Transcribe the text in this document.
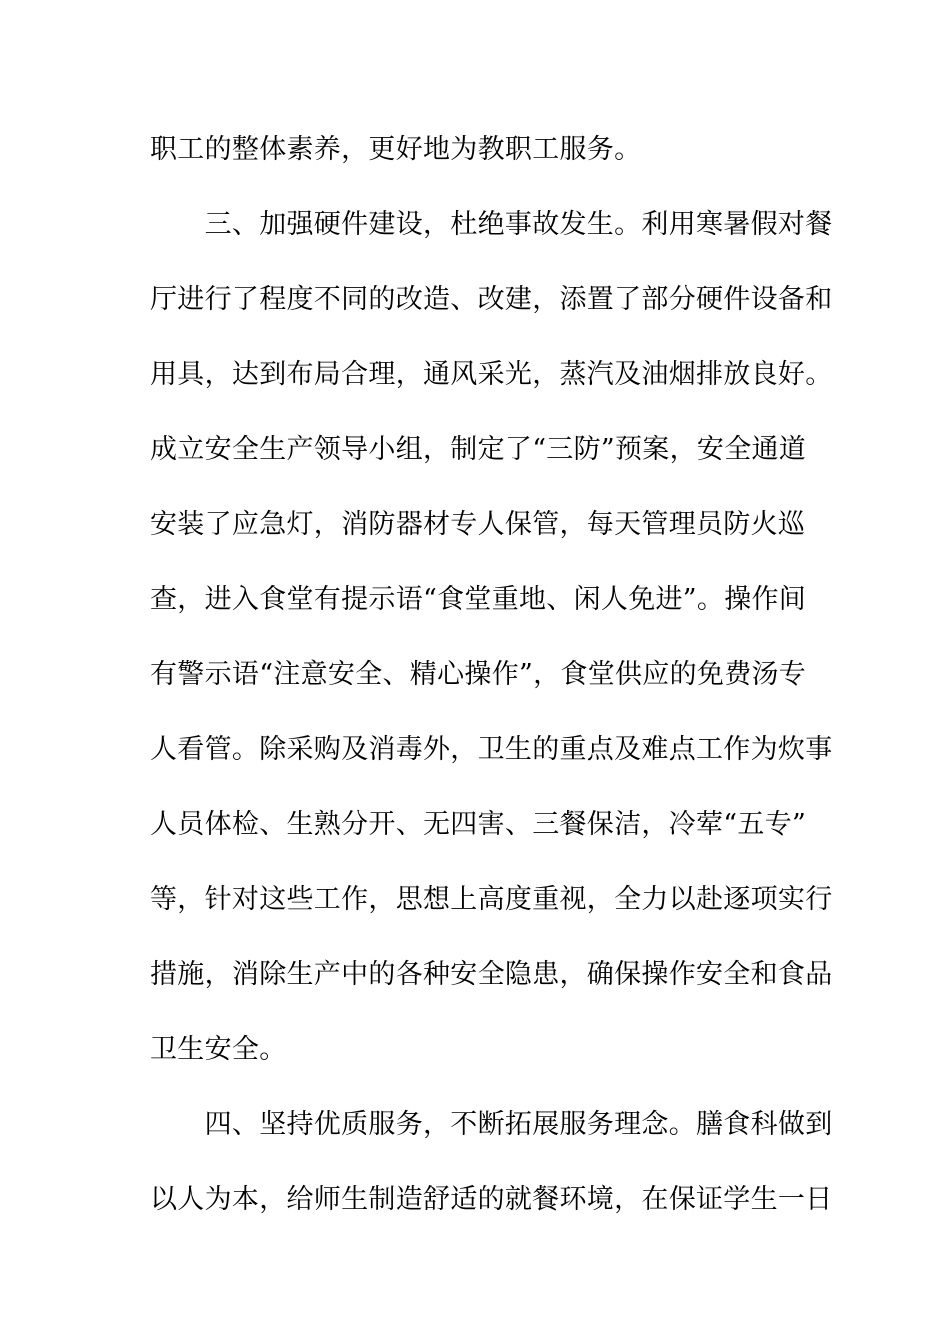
职工的整体素养，更好地为教职工服务。
　　三、加强硬件建设，杜绝事故发生。利用寒暑假对餐
厅进行了程度不同的改造、改建，添置了部分硬件设备和
用具，达到布局合理，通风采光，蒸汽及油烟排放良好。
成立安全生产领导小组，制定了“三防”预案，安全通道
安装了应急灯，消防器材专人保管，每天管理员防火巡
查，进入食堂有提示语“食堂重地、闲人免进”。操作间
有警示语“注意安全、精心操作”，食堂供应的免费汤专
人看管。除采购及消毒外，卫生的重点及难点工作为炊事
人员体检、生熟分开、无四害、三餐保洁，冷荤“五专”
等，针对这些工作，思想上高度重视，全力以赴逐项实行
措施，消除生产中的各种安全隐患，确保操作安全和食品
卫生安全。
　　四、坚持优质服务，不断拓展服务理念。膳食科做到
以人为本，给师生制造舒适的就餐环境，在保证学生一日
